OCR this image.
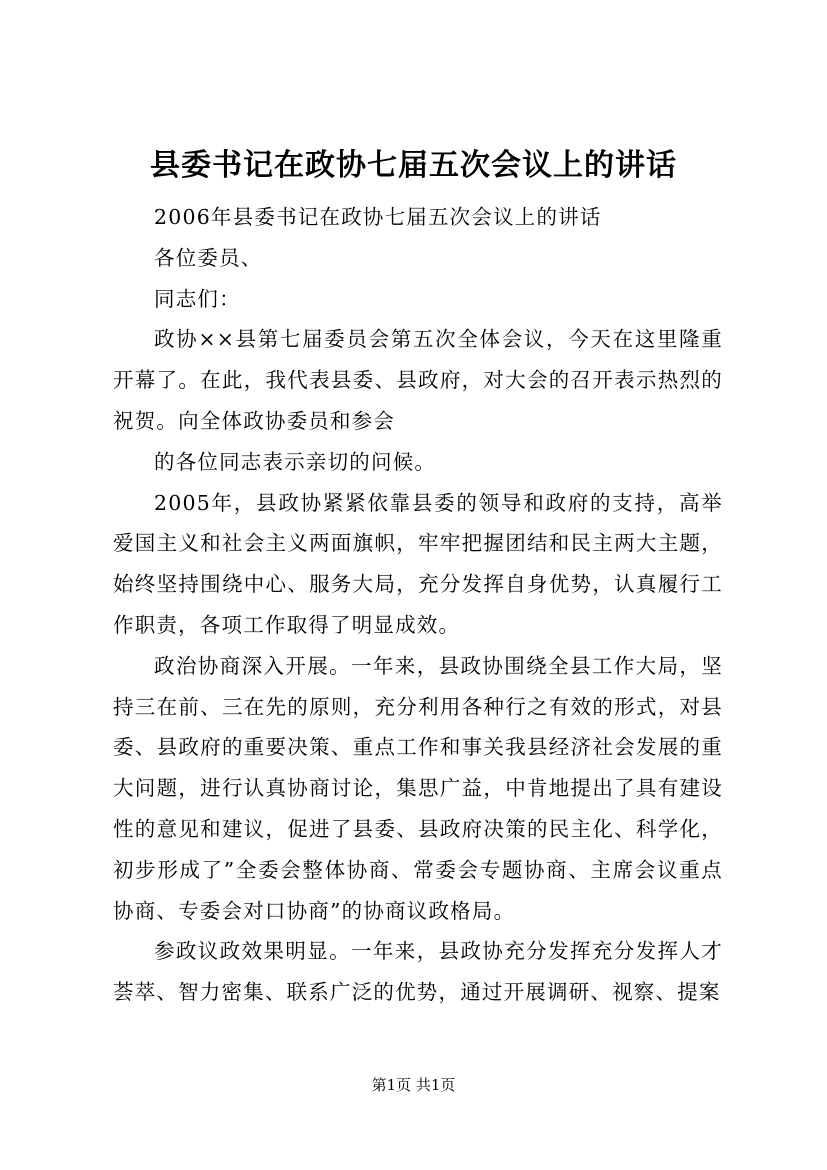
县委书记在政协七届五次会议上的讲话

2006年县委书记在政协七届五次会议上的讲话

各位委员、

同志们：

政协××县第七届委员会第五次全体会议，今天在这里隆重开幕了。在此，我代表县委、县政府，对大会的召开表示热烈的祝贺。向全体政协委员和参会

的各位同志表示亲切的问候。

2005年，县政协紧紧依靠县委的领导和政府的支持，高举爱国主义和社会主义两面旗帜，牢牢把握团结和民主两大主题，始终坚持围绕中心、服务大局，充分发挥自身优势，认真履行工作职责，各项工作取得了明显成效。

政治协商深入开展。一年来，县政协围绕全县工作大局，坚持三在前、三在先的原则，充分利用各种行之有效的形式，对县委、县政府的重要决策、重点工作和事关我县经济社会发展的重大问题，进行认真协商讨论，集思广益，中肯地提出了具有建设性的意见和建议，促进了县委、县政府决策的民主化、科学化，初步形成了”全委会整体协商、常委会专题协商、主席会议重点协商、专委会对口协商”的协商议政格局。

参政议政效果明显。一年来，县政协充分发挥充分发挥人才荟萃、智力密集、联系广泛的优势，通过开展调研、视察、提案

第1页 共1页
